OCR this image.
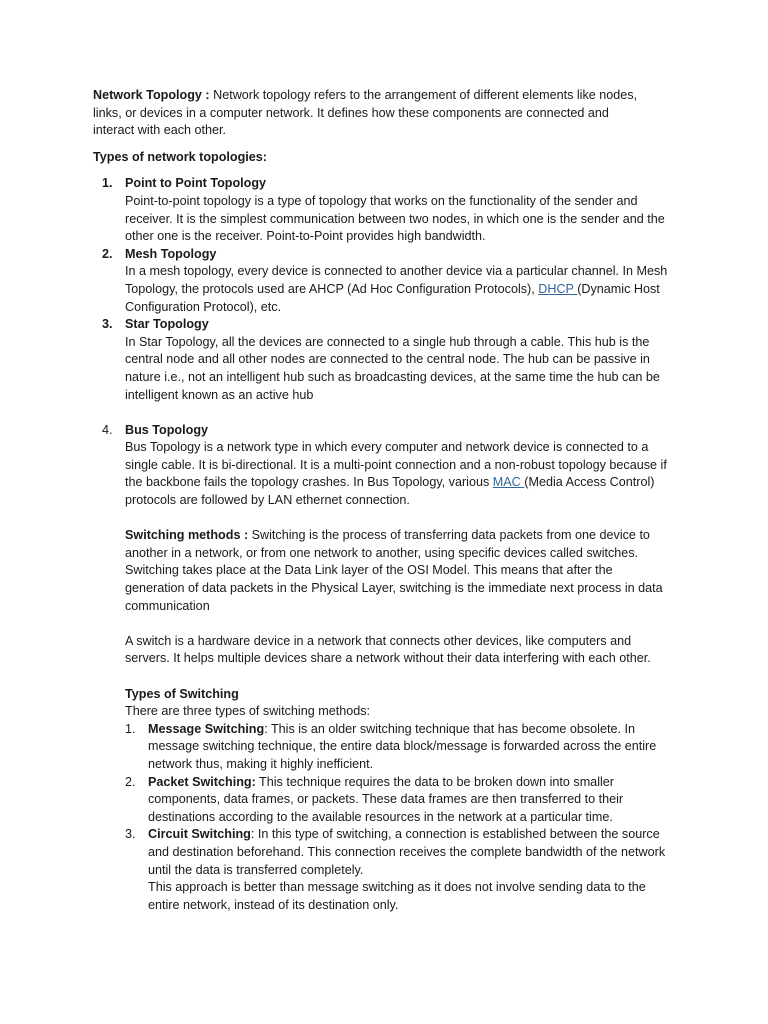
Network Topology : Network topology refers to the arrangement of different elements like nodes, links, or devices in a computer network. It defines how these components are connected and interact with each other.

Types of network topologies:

1. Point to Point Topology

Point-to-point topology is a type of topology that works on the functionality of the sender and receiver. It is the simplest communication between two nodes, in which one is the sender and the other one is the receiver. Point-to-Point provides high bandwidth.

2. Mesh Topology

In a mesh topology, every device is connected to another device via a particular channel. In Mesh Topology, the protocols used are AHCP (Ad Hoc Configuration Protocols), DHCP (Dynamic Host Configuration Protocol), etc.

3. Star Topology

In Star Topology, all the devices are connected to a single hub through a cable. This hub is the central node and all other nodes are connected to the central node. The hub can be passive in nature i.e., not an intelligent hub such as broadcasting devices, at the same time the hub can be intelligent known as an active hub

4. Bus Topology

Bus Topology is a network type in which every computer and network device is connected to a single cable. It is bi-directional. It is a multi-point connection and a non-robust topology because if the backbone fails the topology crashes. In Bus Topology, various MAC (Media Access Control) protocols are followed by LAN ethernet connection.

Switching methods : Switching is the process of transferring data packets from one device to another in a network, or from one network to another, using specific devices called switches. Switching takes place at the Data Link layer of the OSI Model. This means that after the generation of data packets in the Physical Layer, switching is the immediate next process in data communication

A switch is a hardware device in a network that connects other devices, like computers and servers. It helps multiple devices share a network without their data interfering with each other.

Types of Switching

There are three types of switching methods:

1. Message Switching: This is an older switching technique that has become obsolete. In message switching technique, the entire data block/message is forwarded across the entire network thus, making it highly inefficient.
2. Packet Switching: This technique requires the data to be broken down into smaller components, data frames, or packets. These data frames are then transferred to their destinations according to the available resources in the network at a particular time.
3. Circuit Switching: In this type of switching, a connection is established between the source and destination beforehand. This connection receives the complete bandwidth of the network until the data is transferred completely.

This approach is better than message switching as it does not involve sending data to the entire network, instead of its destination only.
